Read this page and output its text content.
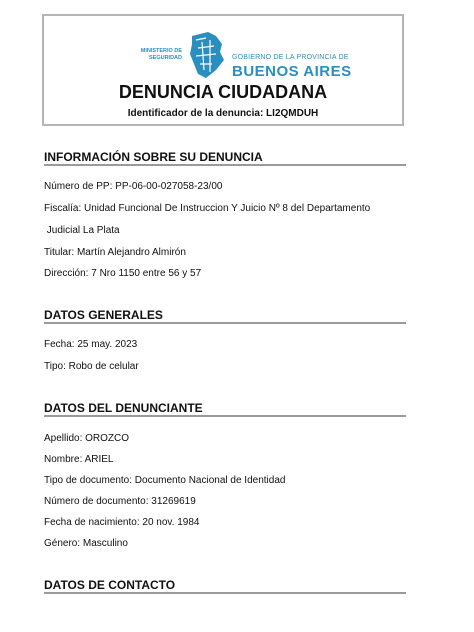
MINISTERIO DE
SEGURIDAD	GOBIERNO DE LA PROVINCIA DE
BUENOS AIRES
DENUNCIA CIUDADANA
Identificador de la denuncia: LI2QMDUH
INFORMACIÓN SOBRE SU DENUNCIA
Número de PP: PP-06-00-027058-23/00
Fiscalía: Unidad Funcional De Instruccion Y Juicio Nº 8 del Departamento
Judicial La Plata
Titular: Martín Alejandro Almirón
Dirección: 7 Nro 1150 entre 56 y 57
DATOS GENERALES
Fecha: 25 may. 2023
Tipo: Robo de celular
DATOS DEL DENUNCIANTE
Apellido: OROZCO
Nombre: ARIEL
Tipo de documento: Documento Nacional de Identidad
Número de documento: 31269619
Fecha de nacimiento: 20 nov. 1984
Género: Masculino
DATOS DE CONTACTO
